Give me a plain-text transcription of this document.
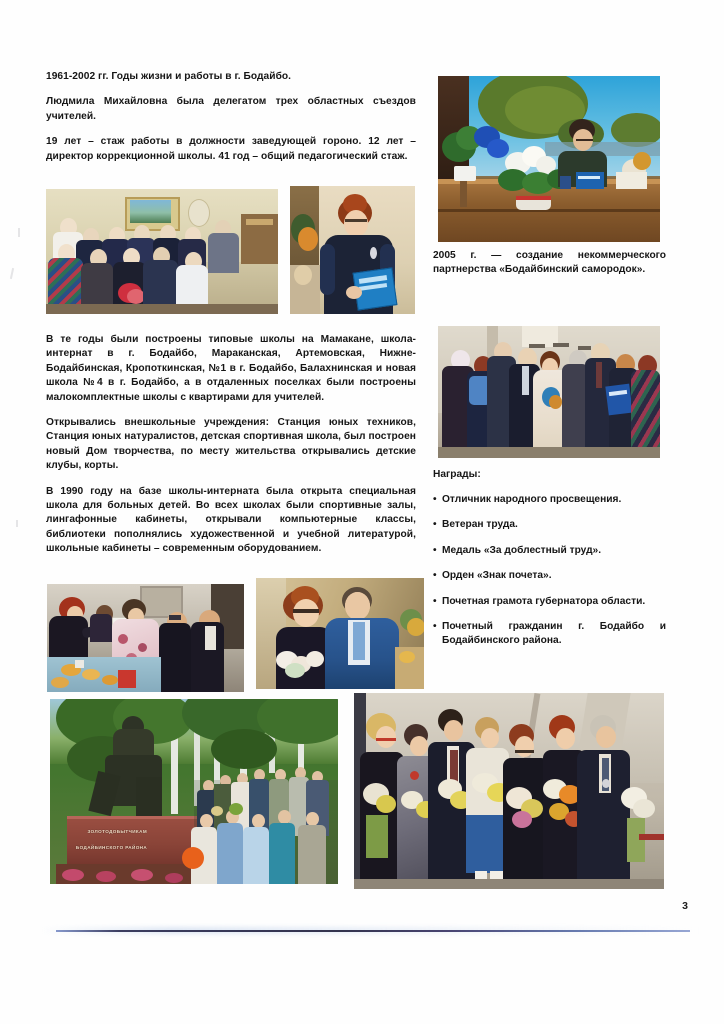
1961-2002 гг. Годы жизни и работы в г. Бодайбо.

Людмила Михайловна была делегатом трех областных съездов учителей.

19 лет – стаж работы в должности заведующей гороно. 12 лет – директор коррекционной школы. 41 год – общий педагогический стаж.

В те годы были построены типовые школы на Мамакане, школа-интернат в г. Бодайбо, Мараканская, Артемовская, Нижне-Бодайбинская, Кропоткинская, №1 в г. Бодайбо, Балахнинская и новая школа №4 в г. Бодайбо, а в отдаленных поселках были построены малокомплектные школы с квартирами для учителей.

Открывались внешкольные учреждения: Станция юных техников, Станция юных натуралистов, детская спортивная школа, был построен новый Дом творчества, по месту жительства открывались детские клубы, корты.

В 1990 году на базе школы-интерната была открыта специальная школа для больных детей. Во всех школах были спортивные залы, лингафонные кабинеты, открывали компьютерные классы, библиотеки пополнялись художественной и учебной литературой, школьные кабинеты – современным оборудованием.

2005 г. — создание некоммерческого партнерства «Бодайбинский самородок».

Награды:

• Отличник народного просвещения.
• Ветеран труда.
• Медаль «За доблестный труд».
• Орден «Знак почета».
• Почетная грамота губернатора области.
• Почетный гражданин г. Бодайбо и Бодайбинского района.
ЗОЛОТОДОБЫТЧИКАМ
БОДАЙБИНСКОГО РАЙОНА
3
